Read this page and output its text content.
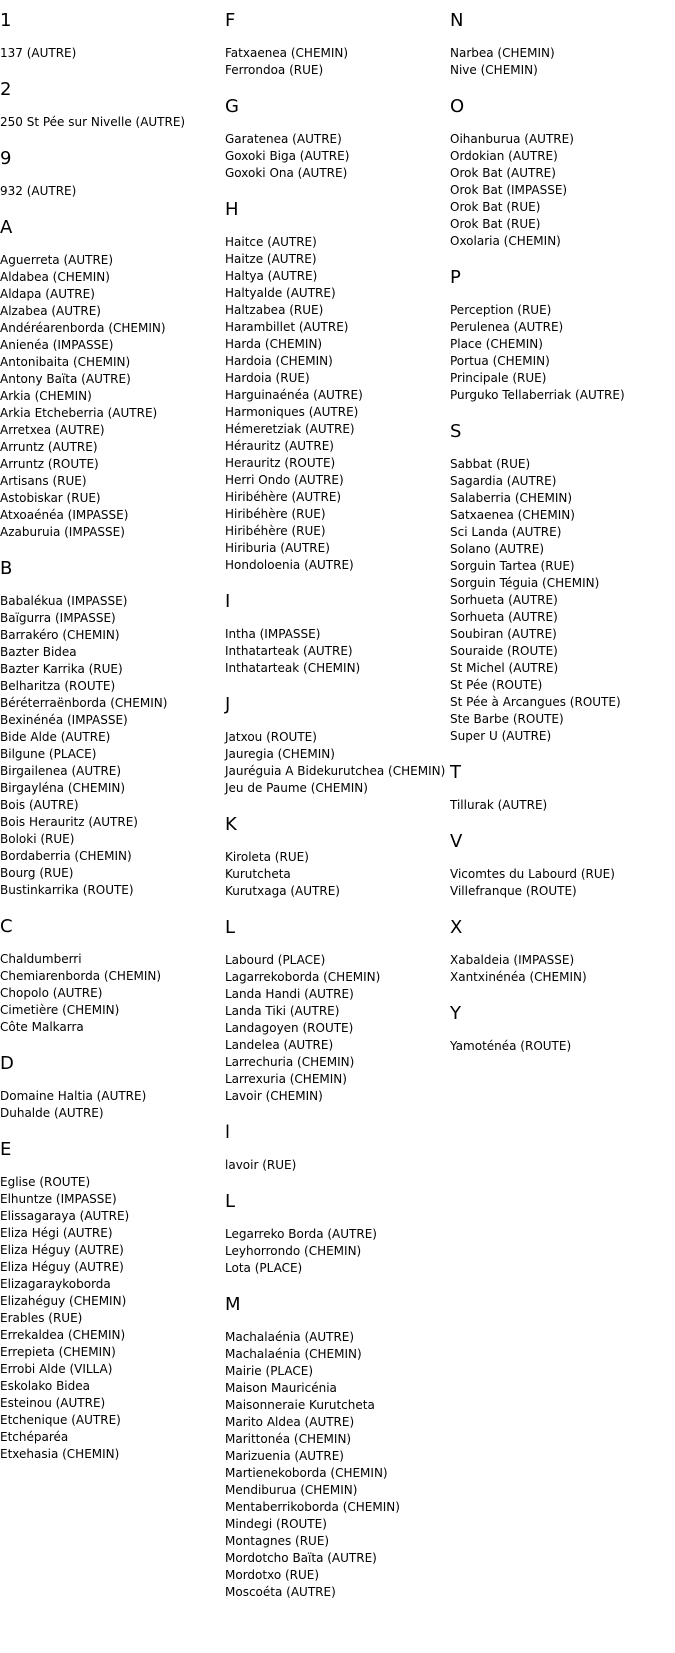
1
137 (AUTRE)
2
250 St Pée sur Nivelle (AUTRE)
9
932 (AUTRE)
A
Aguerreta (AUTRE)
Aldabea (CHEMIN)
Aldapa (AUTRE)
Alzabea (AUTRE)
Andéréarenborda (CHEMIN)
Anienéa (IMPASSE)
Antonibaita (CHEMIN)
Antony Baïta (AUTRE)
Arkia (CHEMIN)
Arkia Etcheberria (AUTRE)
Arretxea (AUTRE)
Arruntz (AUTRE)
Arruntz (ROUTE)
Artisans (RUE)
Astobiskar (RUE)
Atxoaénéa (IMPASSE)
Azaburuia (IMPASSE)
B
Babalékua (IMPASSE)
Baïgurra (IMPASSE)
Barrakéro (CHEMIN)
Bazter Bidea
Bazter Karrika (RUE)
Belharitza (ROUTE)
Béréterraënborda (CHEMIN)
Bexinénéa (IMPASSE)
Bide Alde (AUTRE)
Bilgune (PLACE)
Birgailenea (AUTRE)
Birgayléna (CHEMIN)
Bois (AUTRE)
Bois Herauritz (AUTRE)
Boloki (RUE)
Bordaberria (CHEMIN)
Bourg (RUE)
Bustinkarrika (ROUTE)
C
Chaldumberri
Chemiarenborda (CHEMIN)
Chopolo (AUTRE)
Cimetière (CHEMIN)
Côte Malkarra
D
Domaine Haltia (AUTRE)
Duhalde (AUTRE)
E
Eglise (ROUTE)
Elhuntze (IMPASSE)
Elissagaraya (AUTRE)
Eliza Hégi (AUTRE)
Eliza Héguy (AUTRE)
Eliza Héguy (AUTRE)
Elizagaraykoborda
Elizahéguy (CHEMIN)
Erables (RUE)
Errekaldea (CHEMIN)
Errepieta (CHEMIN)
Errobi Alde (VILLA)
Eskolako Bidea
Esteinou (AUTRE)
Etchenique (AUTRE)
Etchéparéa
Etxehasia (CHEMIN)
F
Fatxaenea (CHEMIN)
Ferrondoa (RUE)
G
Garatenea (AUTRE)
Goxoki Biga (AUTRE)
Goxoki Ona (AUTRE)
H
Haitce (AUTRE)
Haitze (AUTRE)
Haltya (AUTRE)
Haltyalde (AUTRE)
Haltzabea (RUE)
Harambillet (AUTRE)
Harda (CHEMIN)
Hardoia (CHEMIN)
Hardoia (RUE)
Harguinaénéa (AUTRE)
Harmoniques (AUTRE)
Hémeretziak (AUTRE)
Hérauritz (AUTRE)
Herauritz (ROUTE)
Herri Ondo (AUTRE)
Hiribéhère (AUTRE)
Hiribéhère (RUE)
Hiribéhère (RUE)
Hiriburia (AUTRE)
Hondoloenia (AUTRE)
I
Intha (IMPASSE)
Inthatarteak (AUTRE)
Inthatarteak (CHEMIN)
J
Jatxou (ROUTE)
Jauregia (CHEMIN)
Jauréguia A Bidekurutchea (CHEMIN)
Jeu de Paume (CHEMIN)
K
Kiroleta (RUE)
Kurutcheta
Kurutxaga (AUTRE)
L
Labourd (PLACE)
Lagarrekoborda (CHEMIN)
Landa Handi (AUTRE)
Landa Tiki (AUTRE)
Landagoyen (ROUTE)
Landelea (AUTRE)
Larrechuria (CHEMIN)
Larrexuria (CHEMIN)
Lavoir (CHEMIN)
l
lavoir (RUE)
L
Legarreko Borda (AUTRE)
Leyhorrondo (CHEMIN)
Lota (PLACE)
M
Machalaénia (AUTRE)
Machalaénia (CHEMIN)
Mairie (PLACE)
Maison Mauricénia
Maisonneraie Kurutcheta
Marito Aldea (AUTRE)
Marittonéa (CHEMIN)
Marizuenia (AUTRE)
Martienekoborda (CHEMIN)
Mendiburua (CHEMIN)
Mentaberrikoborda (CHEMIN)
Mindegi (ROUTE)
Montagnes (RUE)
Mordotcho Baïta (AUTRE)
Mordotxo (RUE)
Moscoéta (AUTRE)
N
Narbea (CHEMIN)
Nive (CHEMIN)
O
Oihanburua (AUTRE)
Ordokian (AUTRE)
Orok Bat (AUTRE)
Orok Bat (IMPASSE)
Orok Bat (RUE)
Orok Bat (RUE)
Oxolaria (CHEMIN)
P
Perception (RUE)
Perulenea (AUTRE)
Place (CHEMIN)
Portua (CHEMIN)
Principale (RUE)
Purguko Tellaberriak (AUTRE)
S
Sabbat (RUE)
Sagardia (AUTRE)
Salaberria (CHEMIN)
Satxaenea (CHEMIN)
Sci Landa (AUTRE)
Solano (AUTRE)
Sorguin Tartea (RUE)
Sorguin Téguia (CHEMIN)
Sorhueta (AUTRE)
Sorhueta (AUTRE)
Soubiran (AUTRE)
Souraide (ROUTE)
St Michel (AUTRE)
St Pée (ROUTE)
St Pée à Arcangues (ROUTE)
Ste Barbe (ROUTE)
Super U (AUTRE)
T
Tillurak (AUTRE)
V
Vicomtes du Labourd (RUE)
Villefranque (ROUTE)
X
Xabaldeia (IMPASSE)
Xantxinénéa (CHEMIN)
Y
Yamoténéa (ROUTE)
